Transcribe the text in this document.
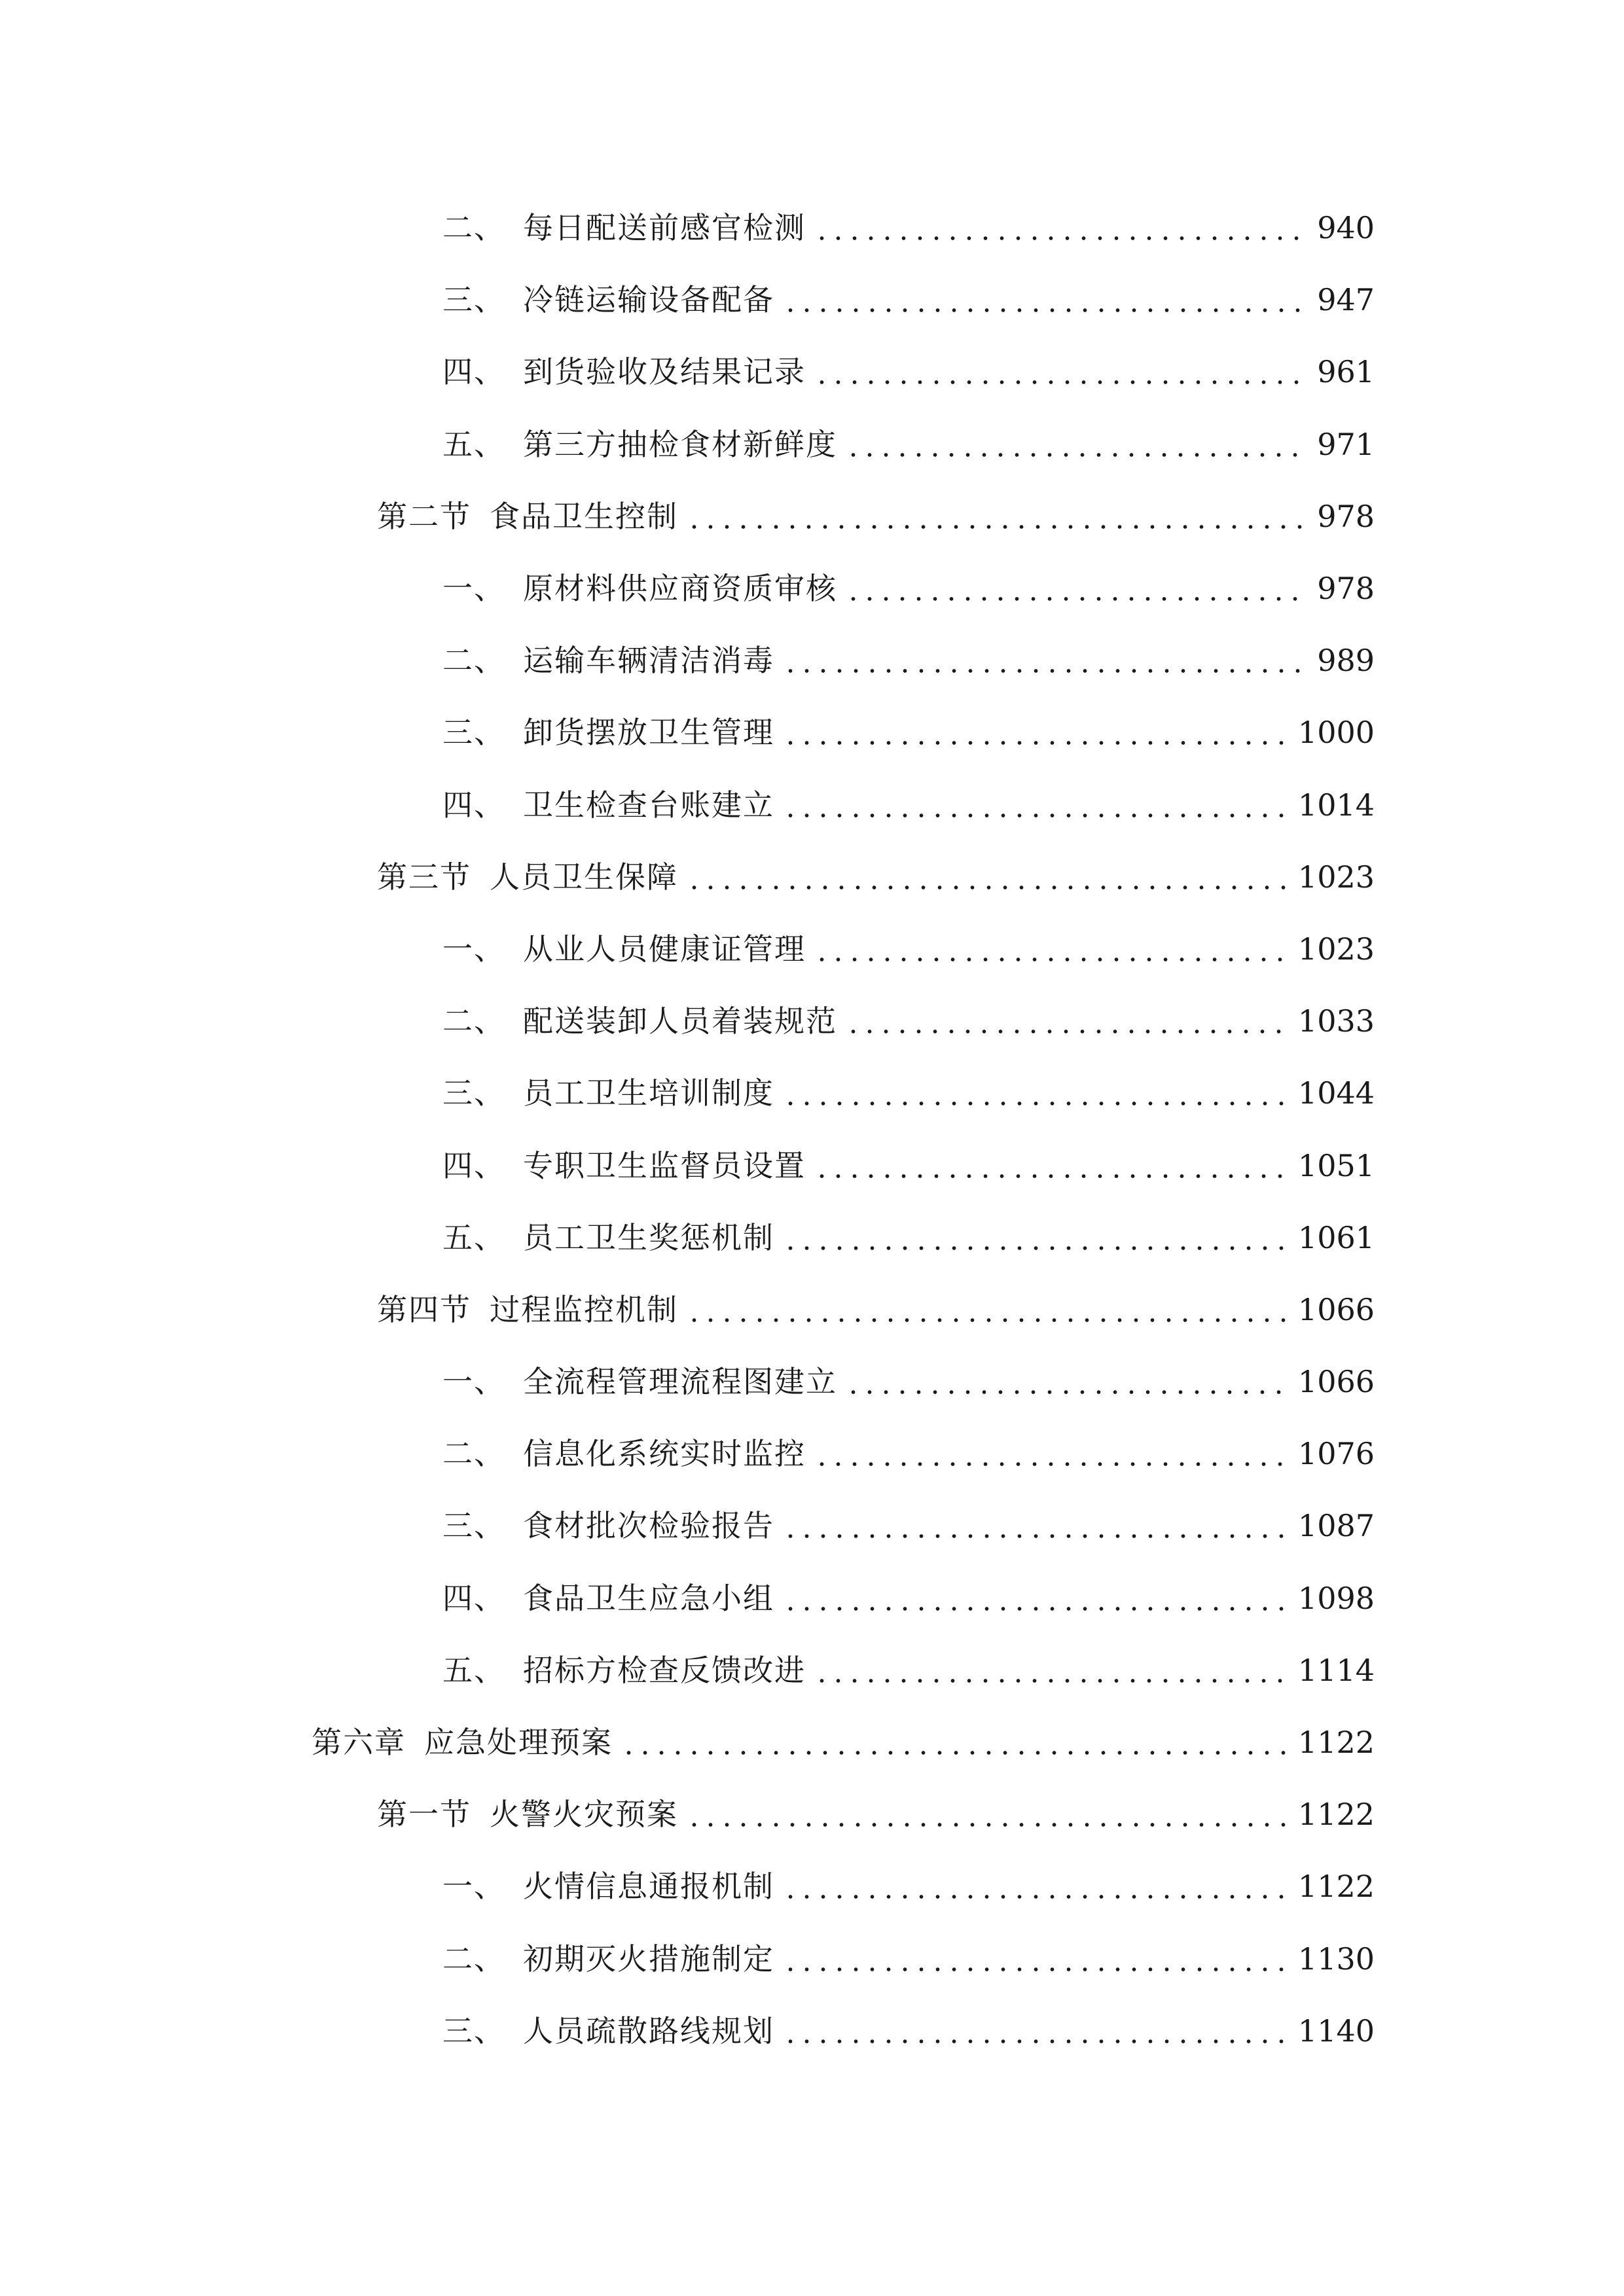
二、 每日配送前感官检测	940
三、 冷链运输设备配备	947
四、 到货验收及结果记录	961
五、 第三方抽检食材新鲜度	971
第二节 食品卫生控制	978
一、 原材料供应商资质审核	978
二、 运输车辆清洁消毒	989
三、 卸货摆放卫生管理	1000
四、 卫生检查台账建立	1014
第三节 人员卫生保障	1023
一、 从业人员健康证管理	1023
二、 配送装卸人员着装规范	1033
三、 员工卫生培训制度	1044
四、 专职卫生监督员设置	1051
五、 员工卫生奖惩机制	1061
第四节 过程监控机制	1066
一、 全流程管理流程图建立	1066
二、 信息化系统实时监控	1076
三、 食材批次检验报告	1087
四、 食品卫生应急小组	1098
五、 招标方检查反馈改进	1114
第六章 应急处理预案	1122
第一节 火警火灾预案	1122
一、 火情信息通报机制	1122
二、 初期灭火措施制定	1130
三、 人员疏散路线规划	1140
